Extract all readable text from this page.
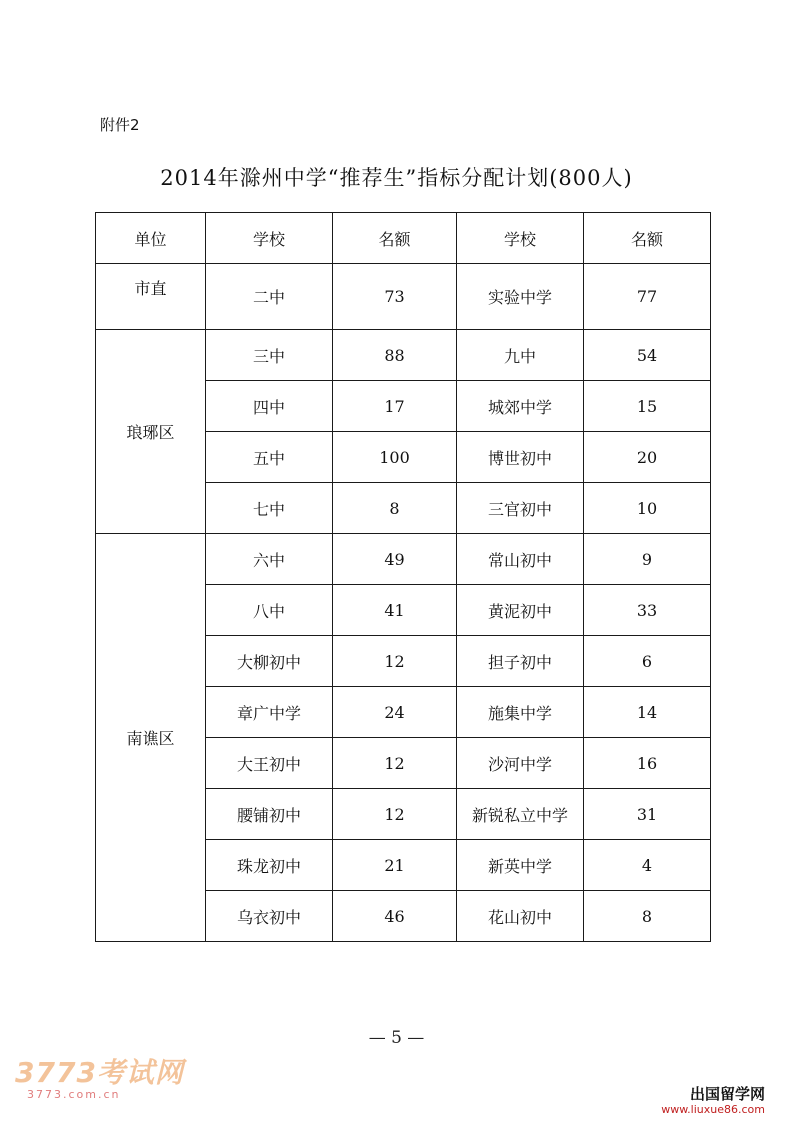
附件2
2014年滁州中学“推荐生”指标分配计划(800人)
单位	学校	名额	学校	名额
市直	二中	73	实验中学	77
琅琊区	三中	88	九中	54
	四中	17	城郊中学	15
	五中	100	博世初中	20
	七中	8	三官初中	10
南谯区	六中	49	常山初中	9
	八中	41	黄泥初中	33
	大柳初中	12	担子初中	6
	章广中学	24	施集中学	14
	大王初中	12	沙河中学	16
	腰铺初中	12	新锐私立中学	31
	珠龙初中	21	新英中学	4
	乌衣初中	46	花山初中	8
— 5 —
3773考试网
3773.com.cn	出国留学网
www.liuxue86.com
